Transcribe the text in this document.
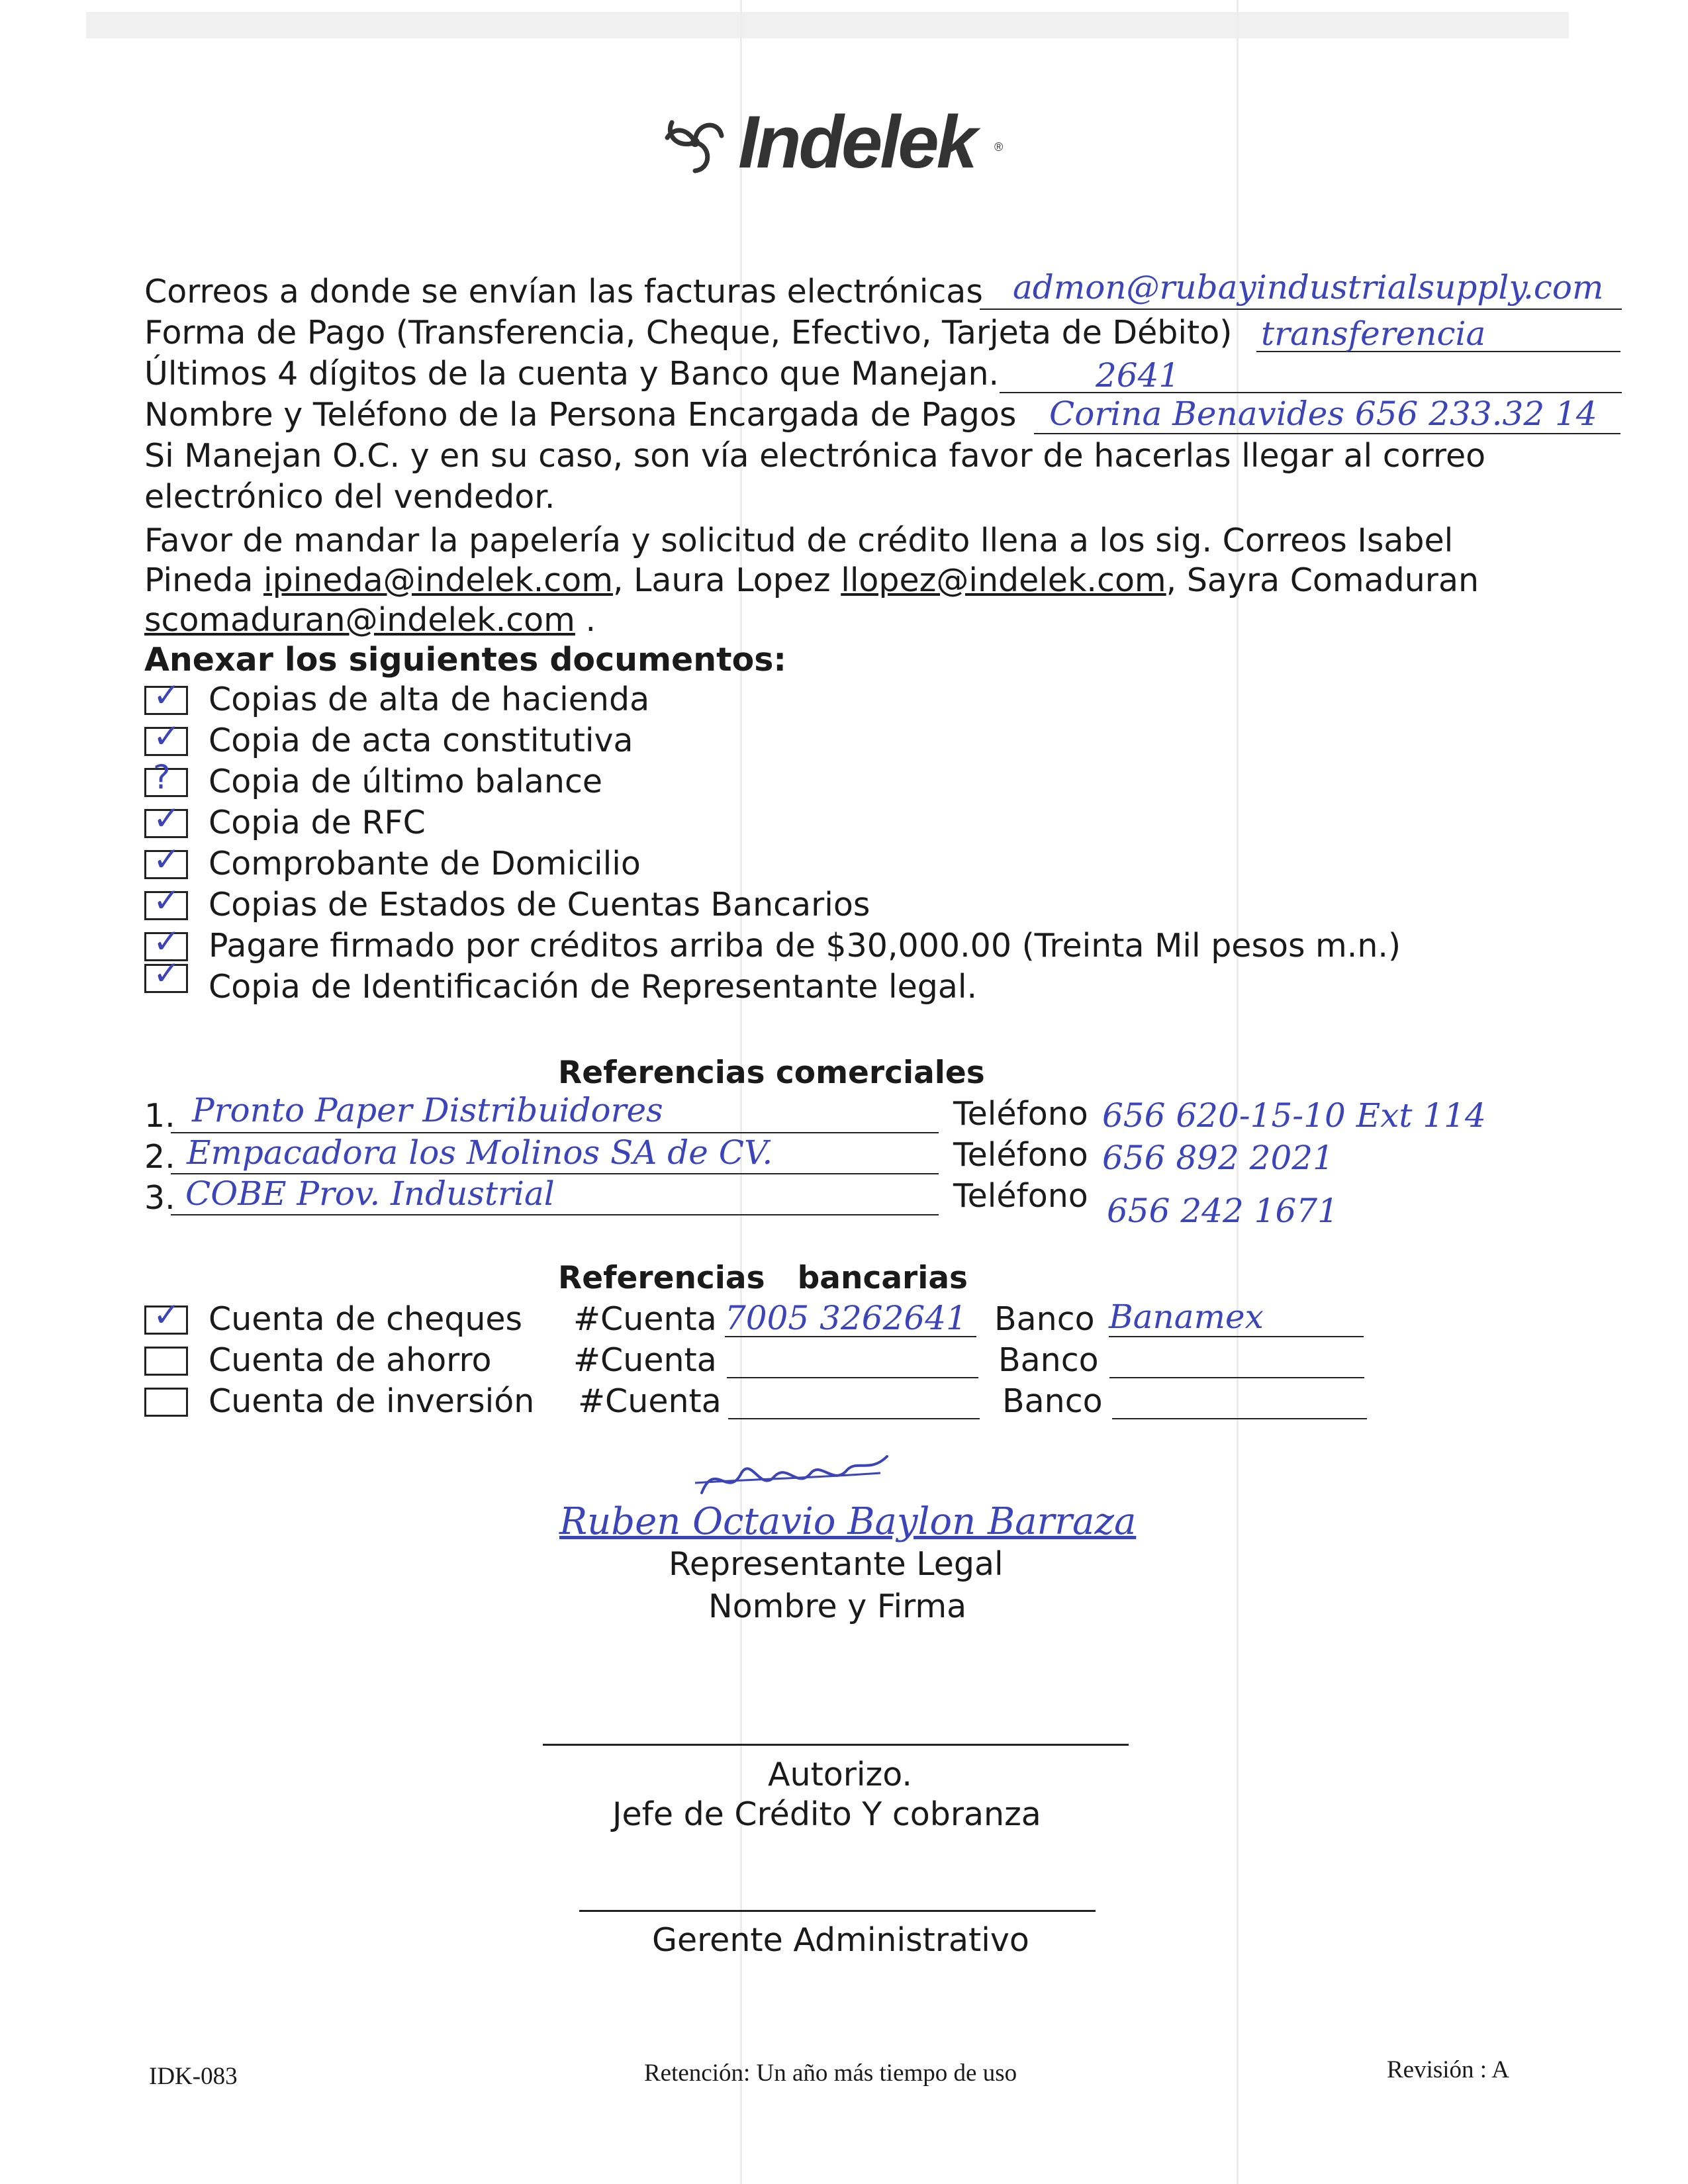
Indelek ®
Correos a donde se envían las facturas electrónicas admon@rubayindustrialsupply.com
Forma de Pago (Transferencia, Cheque, Efectivo, Tarjeta de Débito) transferencia
Últimos 4 dígitos de la cuenta y Banco que Manejan.	2641
Nombre y Teléfono de la Persona Encargada de Pagos Corina Benavides 656 233.32 14
Si Manejan O.C. y en su caso, son vía electrónica favor de hacerlas llegar al correo
electrónico del vendedor.
Favor de mandar la papelería y solicitud de crédito llena a los sig. Correos Isabel
Pineda ipineda@indelek.com, Laura Lopez llopez@indelek.com, Sayra Comaduran
scomaduran@indelek.com .
Anexar los siguientes documentos:
✓ Copias de alta de hacienda
✓ Copia de acta constitutiva
? Copia de último balance
✓ Copia de RFC
✓ Comprobante de Domicilio
✓ Copias de Estados de Cuentas Bancarios
✓ Pagare firmado por créditos arriba de $30,000.00 (Treinta Mil pesos m.n.)
✓ Copia de Identificación de Representante legal.
Referencias comerciales
1. Pronto Paper Distribuidores	Teléfono 656 620-15-10 Ext 114
2. Empacadora los Molinos SA de CV.	Teléfono 656 892 2021
3. COBE Prov. Industrial	Teléfono 656 242 1671
Referencias   bancarias
✓ Cuenta de cheques #Cuenta 7005 3262641 Banco Banamex
Cuenta de ahorro	#Cuenta	Banco
Cuenta de inversión #Cuenta	Banco
Ruben Octavio Baylon Barraza
Representante Legal
Nombre y Firma
Autorizo.
Jefe de Crédito Y cobranza
Gerente Administrativo
IDK-083	Retención: Un año más tiempo de uso	Revisión : A
